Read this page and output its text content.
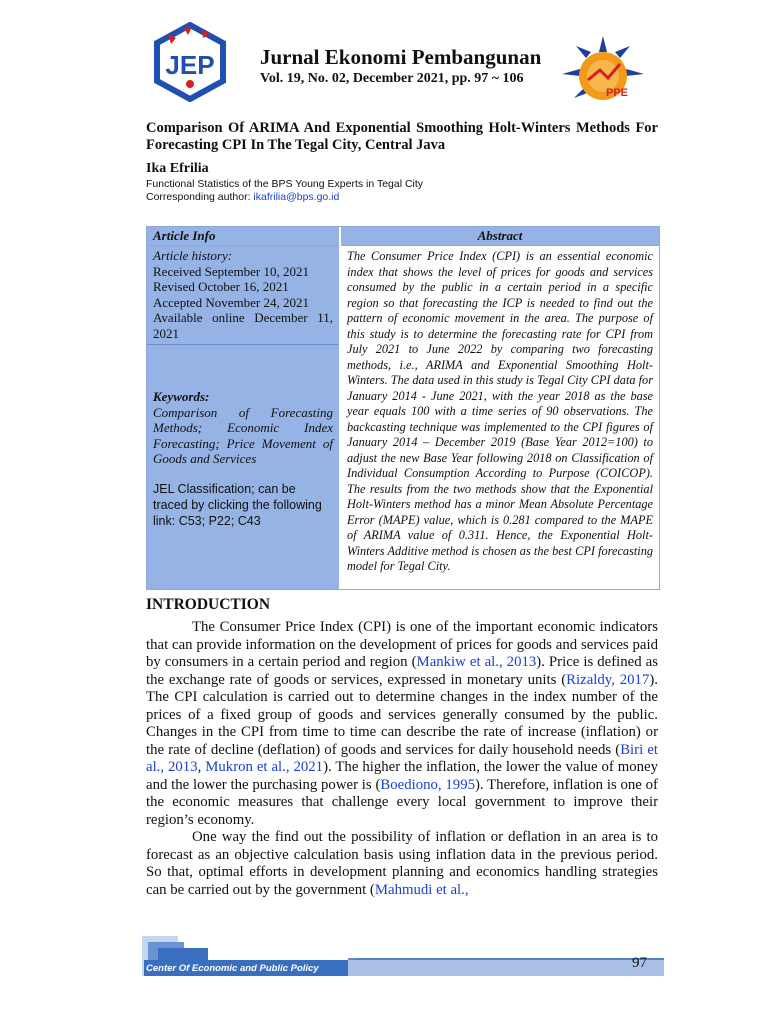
JEP Jurnal Ekonomi Pembangunan
Vol. 19, No. 02, December 2021, pp. 97 ~ 106
PPE
Comparison Of ARIMA And Exponential Smoothing Holt-Winters Methods For Forecasting CPI In The Tegal City, Central Java
Ika Efrilia
Functional Statistics of the BPS Young Experts in Tegal City
Corresponding author: ikafrilia@bps.go.id
Article Info
Article history:
Received September 10, 2021
Revised October 16, 2021
Accepted November 24, 2021
Available online December 11, 2021
Keywords:
Comparison of Forecasting Methods; Economic Index Forecasting; Price Movement of Goods and Services
JEL Classification; can be traced by clicking the following link: C53; P22; C43
Abstract
The Consumer Price Index (CPI) is an essential economic index that shows the level of prices for goods and services consumed by the public in a certain period in a specific region so that forecasting the ICP is needed to find out the pattern of economic movement in the area. The purpose of this study is to determine the forecasting rate for CPI from July 2021 to June 2022 by comparing two forecasting methods, i.e., ARIMA and Exponential Smoothing Holt-Winters. The data used in this study is Tegal City CPI data for January 2014 - June 2021, with the year 2018 as the base year equals 100 with a time series of 90 observations. The backcasting technique was implemented to the CPI figures of January 2014 – December 2019 (Base Year 2012=100) to adjust the new Base Year following 2018 on Classification of Individual Consumption According to Purpose (COICOP). The results from the two methods show that the Exponential Holt-Winters method has a minor Mean Absolute Percentage Error (MAPE) value, which is 0.281 compared to the MAPE of ARIMA value of 0.311. Hence, the Exponential Holt-Winters Additive method is chosen as the best CPI forecasting model for Tegal City.
INTRODUCTION

The Consumer Price Index (CPI) is one of the important economic indicators that can provide information on the development of prices for goods and services paid by consumers in a certain period and region (Mankiw et al., 2013). Price is defined as the exchange rate of goods or services, expressed in monetary units (Rizaldy, 2017). The CPI calculation is carried out to determine changes in the index number of the prices of a fixed group of goods and services generally consumed by the public. Changes in the CPI from time to time can describe the rate of increase (inflation) or the rate of decline (deflation) of goods and services for daily household needs (Biri et al., 2013, Mukron et al., 2021). The higher the inflation, the lower the value of money and the lower the purchasing power is (Boediono, 1995). Therefore, inflation is one of the economic measures that challenge every local government to improve their region’s economy.

One way the find out the possibility of inflation or deflation in an area is to forecast as an objective calculation basis using inflation data in the previous period. So that, optimal efforts in development planning and economics handling strategies can be carried out by the government (Mahmudi et al.,

Center Of Economic and Public Policy	97
